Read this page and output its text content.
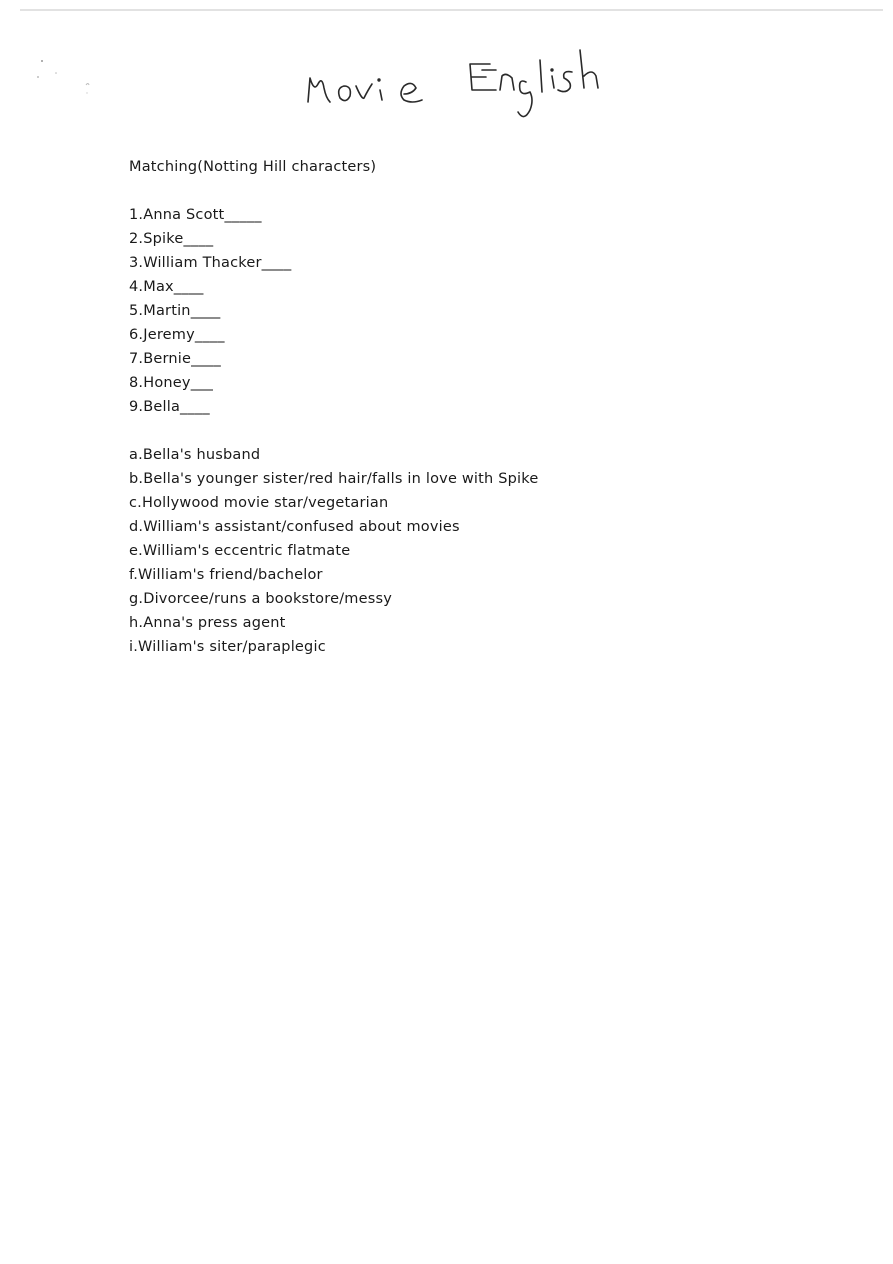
Matching(Notting Hill characters)
1.Anna Scott_____
2.Spike____
3.William Thacker____
4.Max____
5.Martin____
6.Jeremy____
7.Bernie____
8.Honey___
9.Bella____
a.Bella's husband
b.Bella's younger sister/red hair/falls in love with Spike
c.Hollywood movie star/vegetarian
d.William's assistant/confused about movies
e.William's eccentric flatmate
f.William's friend/bachelor
g.Divorcee/runs a bookstore/messy
h.Anna's press agent
i.William's siter/paraplegic
